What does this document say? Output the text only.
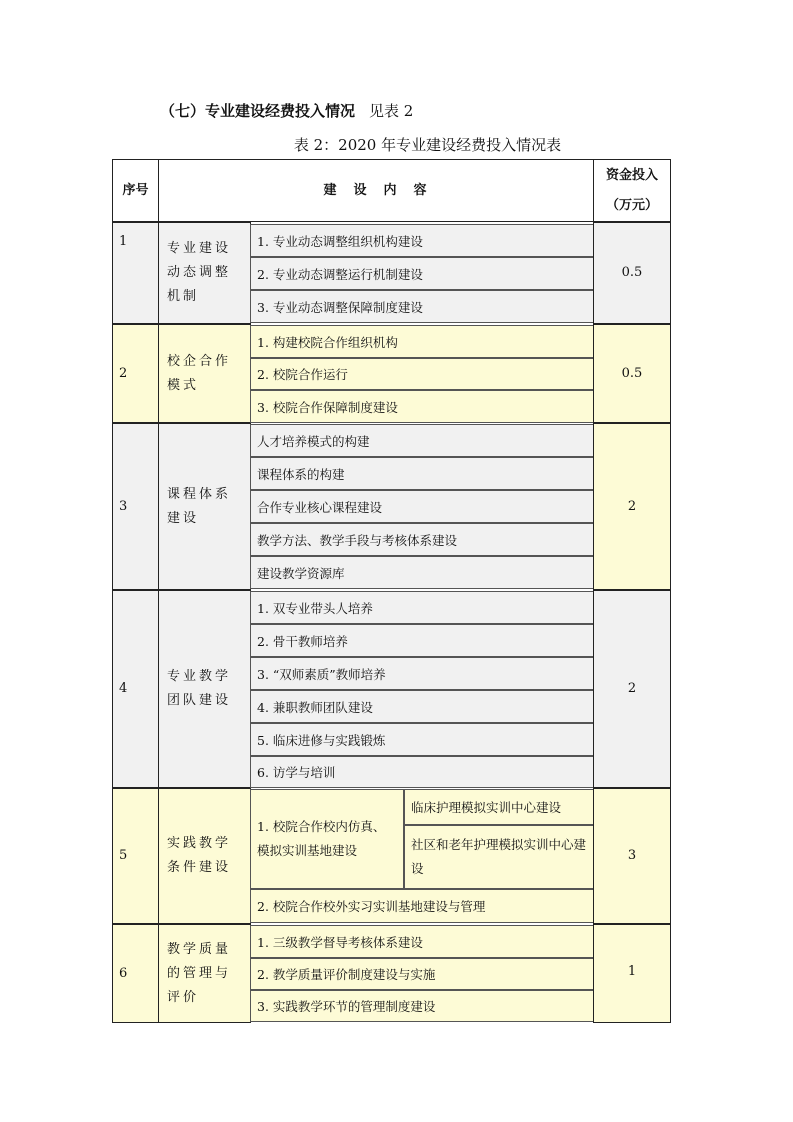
（七）专业建设经费投入情况 见表 2
表 2：2020 年专业建设经费投入情况表
序号	建　设　内　容
资金投入
（万元）
1	专业建设动态调整机制
1. 专业动态调整组织机构建设
2. 专业动态调整运行机制建设
3. 专业动态调整保障制度建设
0.5
2
校企合作模式
1. 构建校院合作组织机构
2. 校院合作运行
3. 校院合作保障制度建设
0.5
3
课程体系建设
人才培养模式的构建
课程体系的构建
合作专业核心课程建设
教学方法、教学手段与考核体系建设
建设教学资源库
2
4
专业教学团队建设
1. 双专业带头人培养
2. 骨干教师培养
3. “双师素质”教师培养
4. 兼职教师团队建设
5. 临床进修与实践锻炼
6. 访学与培训
2
5
实践教学条件建设
1. 校院合作校内仿真、模拟实训基地建设
临床护理模拟实训中心建设
社区和老年护理模拟实训中心建设
2. 校院合作校外实习实训基地建设与管理
3
6
教学质量的管理与评价
1. 三级教学督导考核体系建设
2. 教学质量评价制度建设与实施
3. 实践教学环节的管理制度建设
1
